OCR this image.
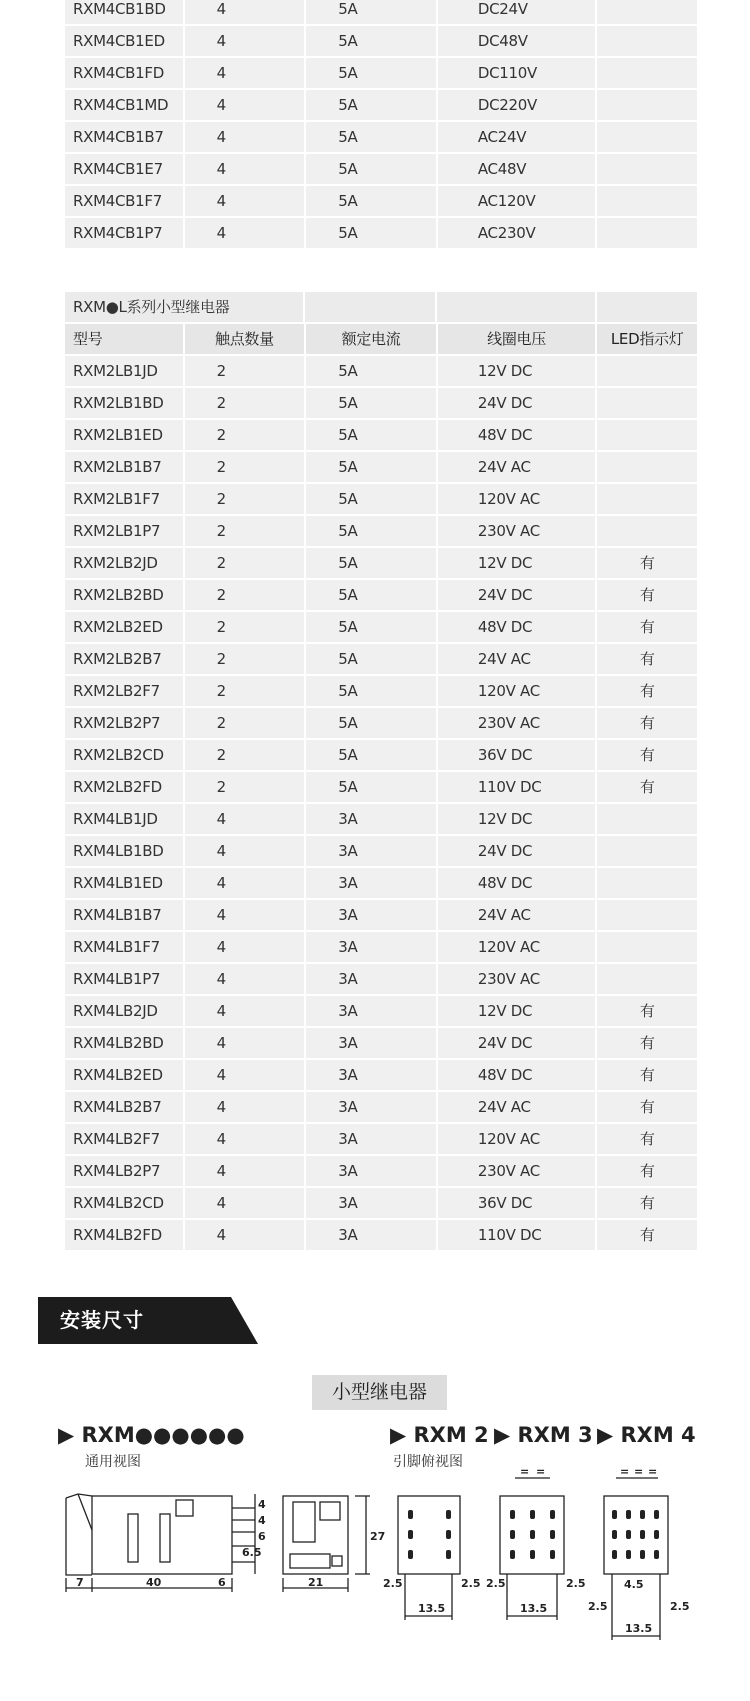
RXM4CB1BD	4	5A	DC24V
RXM4CB1ED	4	5A	DC48V
RXM4CB1FD	4	5A	DC110V
RXM4CB1MD	4	5A	DC220V
RXM4CB1B7	4	5A	AC24V
RXM4CB1E7	4	5A	AC48V
RXM4CB1F7	4	5A	AC120V
RXM4CB1P7	4	5A	AC230V
RXM●L系列小型继电器
型号	触点数量	额定电流	线圈电压	LED指示灯
RXM2LB1JD	2	5A	12V DC
RXM2LB1BD	2	5A	24V DC
RXM2LB1ED	2	5A	48V DC
RXM2LB1B7	2	5A	24V AC
RXM2LB1F7	2	5A	120V AC
RXM2LB1P7	2	5A	230V AC
RXM2LB2JD	2	5A	12V DC	有
RXM2LB2BD	2	5A	24V DC	有
RXM2LB2ED	2	5A	48V DC	有
RXM2LB2B7	2	5A	24V AC	有
RXM2LB2F7	2	5A	120V AC	有
RXM2LB2P7	2	5A	230V AC	有
RXM2LB2CD	2	5A	36V DC	有
RXM2LB2FD	2	5A	110V DC	有
RXM4LB1JD	4	3A	12V DC
RXM4LB1BD	4	3A	24V DC
RXM4LB1ED	4	3A	48V DC
RXM4LB1B7	4	3A	24V AC
RXM4LB1F7	4	3A	120V AC
RXM4LB1P7	4	3A	230V AC
RXM4LB2JD	4	3A	12V DC	有
RXM4LB2BD	4	3A	24V DC	有
RXM4LB2ED	4	3A	48V DC	有
RXM4LB2B7	4	3A	24V AC	有
RXM4LB2F7	4	3A	120V AC	有
RXM4LB2P7	4	3A	230V AC	有
RXM4LB2CD	4	3A	36V DC	有
RXM4LB2FD	4	3A	110V DC	有
安装尺寸
小型继电器
▶ RXM●●●●●●
通用视图
▶ RXM 2
引脚俯视图
▶ RXM 3 ▶ RXM 4
40
7	6	21
27
4
4
6
6.5
2.5	2.5
13.5
2.5	2.5
13.5
4.5
2.5	2.5
13.5
= =	= = =
